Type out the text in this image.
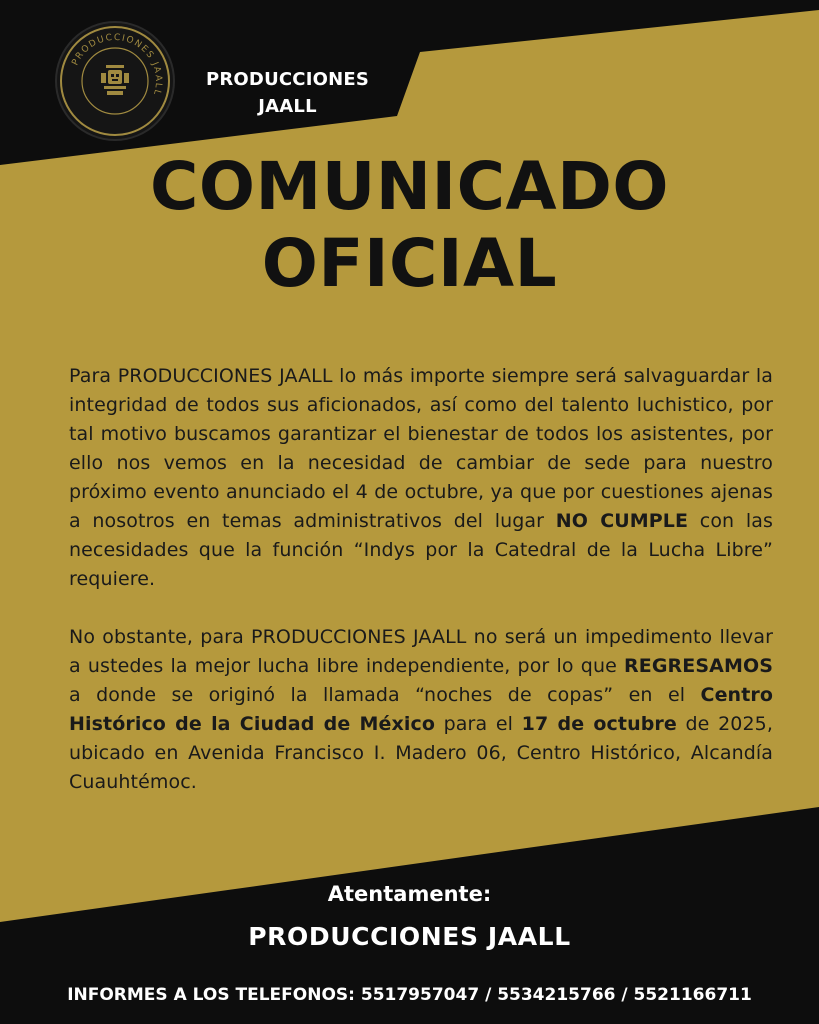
PRODUCCIONES JAALL
PRODUCCIONES
JAALL
COMUNICADO
OFICIAL

Para PRODUCCIONES JAALL lo más importe siempre será salvaguardar la integridad de todos sus aficionados, así como del talento luchistico, por tal motivo buscamos garantizar el bienestar de todos los asistentes, por ello nos vemos en la necesidad de cambiar de sede para nuestro próximo evento anunciado el 4 de octubre, ya que por cuestiones ajenas a nosotros en temas administrativos del lugar NO CUMPLE con las necesidades que la función “Indys por la Catedral de la Lucha Libre” requiere.

No obstante, para PRODUCCIONES JAALL no será un impedimento llevar a ustedes la mejor lucha libre independiente, por lo que REGRESAMOS a donde se originó la llamada “noches de copas” en el Centro Histórico de la Ciudad de México para el 17 de octubre de 2025, ubicado en Avenida Francisco I. Madero 06, Centro Histórico, Alcandía Cuauhtémoc.

Atentamente:
PRODUCCIONES JAALL
INFORMES A LOS TELEFONOS: 5517957047 / 5534215766 / 5521166711
